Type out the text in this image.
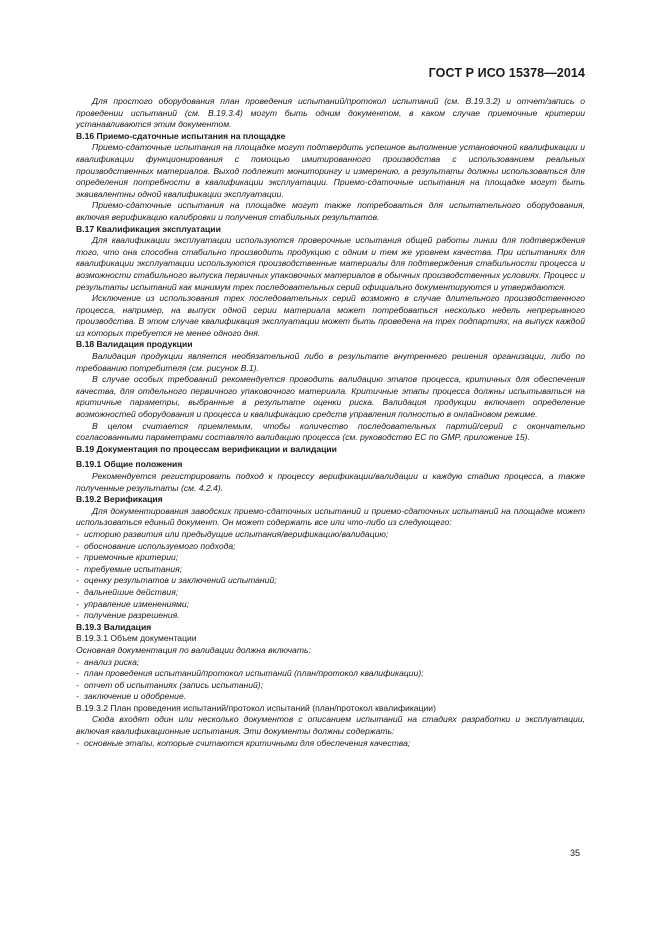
ГОСТ Р ИСО 15378—2014

Для простого оборудования план проведения испытаний/протокол испытаний (см. В.19.3.2) и отчет/запись о проведении испытаний (см. В.19.3.4) могут быть одним документом, в каком случае приемочные критерии устанавливаются этим документом.

В.16 Приемо-сдаточные испытания на площадке

Приемо-сдаточные испытания на площадке могут подтвердить успешное выполнение установочной квалификации и квалификации функционирования с помощью имитированного производства с использованием реальных производственных материалов. Выход подлежит мониторингу и измерению, а результаты должны использоваться для определения потребности в квалификации эксплуатации. Приемо-сдаточные испытания на площадке могут быть эквивалентны одной квалификации эксплуатации.

Приемо-сдаточные испытания на площадке могут также потребоваться для испытательного оборудования, включая верификацию калибровки и получения стабильных результатов.

В.17 Квалификация эксплуатации

Для квалификации эксплуатации используются проверочные испытания общей работы линии для подтверждения того, что она способна стабильно производить продукцию с одним и тем же уровнем качества. При испытаниях для квалификации эксплуатации используются производственные материалы для подтверждения стабильности процесса и возможности стабильного выпуска первичных упаковочных материалов в обычных производственных условиях. Процесс и результаты испытаний как минимум трех последовательных серий официально документируются и утверждаются.

Исключение из использования трех последовательных серий возможно в случае длительного производственного процесса, например, на выпуск одной серии материала может потребоваться несколько недель непрерывного производства. В этом случае квалификация эксплуатации может быть проведена на трех подпартиях, на выпуск каждой из которых требуется не менее одного дня.

В.18 Валидация продукции

Валидация продукции является необязательной либо в результате внутреннего решения организации, либо по требованию потребителя (см. рисунок В.1).

В случае особых требований рекомендуется проводить валидацию этапов процесса, критичных для обеспечения качества, для отдельного первичного упаковочного материала. Критичные этапы процесса должны испытываться на критичные параметры, выбранные в результате оценки риска. Валидация продукции включает определение возможностей оборудования и процесса и квалификацию средств управления полностью в онлайновом режиме.

В целом считается приемлемым, чтобы количество последовательных партий/серий с окончательно согласованными параметрами составляло валидацию процесса (см. руководство ЕС по GMP, приложение 15).

В.19 Документация по процессам верификации и валидации

В.19.1 Общие положения

Рекомендуется регистрировать подход к процессу верификации/валидации и каждую стадию процесса, а также полученные результаты (см. 4.2.4).

В.19.2 Верификация

Для документирования заводских приемо-сдаточных испытаний и приемо-сдаточных испытаний на площадке может использоваться единый документ. Он может содержать все или что-либо из следующего:

- историю развития или предыдущие испытания/верификацию/валидацию;
- обоснование используемого подхода;
- приемочные критерии;
- требуемые испытания;
- оценку результатов и заключений испытаний;
- дальнейшие действия;
- управление изменениями;
- получение разрешения.

В.19.3 Валидация

В.19.3.1 Объем документации

Основная документация по валидации должна включать:

- анализ риска;
- план проведения испытаний/протокол испытаний (план/протокол квалификации);
- отчет об испытаниях (запись испытаний);
- заключение и одобрение.

В.19.3.2 План проведения испытаний/протокол испытаний (план/протокол квалификации)

Сюда входят один или несколько документов с описанием испытаний на стадиях разработки и эксплуатации, включая квалификационные испытания. Эти документы должны содержать:

- основные этапы, которые считаются критичными для обеспечения качества;
35
